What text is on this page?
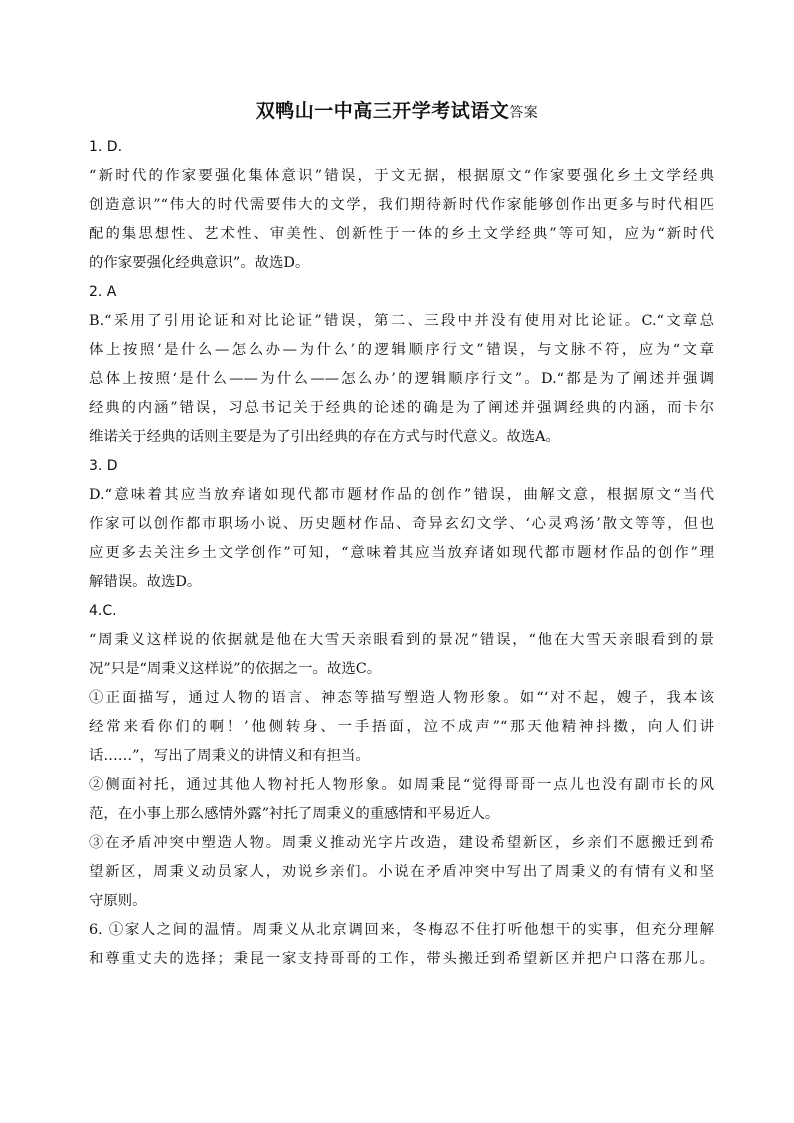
双鸭山一中高三开学考试语文答案
1. D.
“新时代的作家要强化集体意识”错误，于文无据，根据原文“作家要强化乡土文学经典
创造意识”“伟大的时代需要伟大的文学，我们期待新时代作家能够创作出更多与时代相匹
配的集思想性、艺术性、审美性、创新性于一体的乡土文学经典”等可知，应为“新时代
的作家要强化经典意识”。故选D。
2. A
B.“采用了引用论证和对比论证”错误，第二、三段中并没有使用对比论证。C.“文章总
体上按照‘是什么—怎么办—为什么’的逻辑顺序行文”错误，与文脉不符，应为“文章
总体上按照‘是什么——为什么——怎么办’的逻辑顺序行文”。D.“都是为了阐述并强调
经典的内涵”错误，习总书记关于经典的论述的确是为了阐述并强调经典的内涵，而卡尔
维诺关于经典的话则主要是为了引出经典的存在方式与时代意义。故选A。
3. D
D.“意味着其应当放弃诸如现代都市题材作品的创作”错误，曲解文意，根据原文“当代
作家可以创作都市职场小说、历史题材作品、奇异玄幻文学、‘心灵鸡汤’散文等等，但也
应更多去关注乡土文学创作”可知，“意味着其应当放弃诸如现代都市题材作品的创作”理
解错误。故选D。
4.C.
“周秉义这样说的依据就是他在大雪天亲眼看到的景况”错误，“他在大雪天亲眼看到的景
况”只是“周秉义这样说”的依据之一。故选C。
①正面描写，通过人物的语言、神态等描写塑造人物形象。如“‘对不起，嫂子，我本该
经常来看你们的啊！’他侧转身、一手捂面，泣不成声”“那天他精神抖擞，向人们讲
话……”，写出了周秉义的讲情义和有担当。
②侧面衬托，通过其他人物衬托人物形象。如周秉昆“觉得哥哥一点儿也没有副市长的风
范，在小事上那么感情外露”衬托了周秉义的重感情和平易近人。
③在矛盾冲突中塑造人物。周秉义推动光字片改造，建设希望新区，乡亲们不愿搬迁到希
望新区，周秉义动员家人，劝说乡亲们。小说在矛盾冲突中写出了周秉义的有情有义和坚
守原则。
6. ①家人之间的温情。周秉义从北京调回来，冬梅忍不住打听他想干的实事，但充分理解
和尊重丈夫的选择；秉昆一家支持哥哥的工作，带头搬迁到希望新区并把户口落在那儿。
